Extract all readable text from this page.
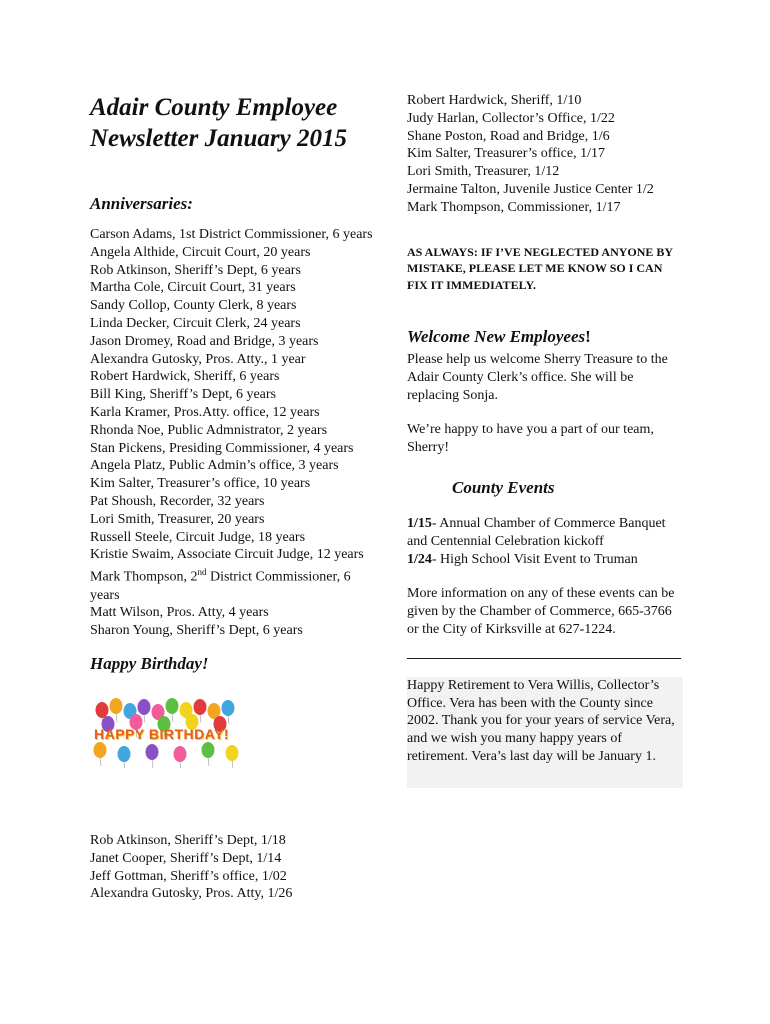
Adair County Employee Newsletter January 2015
Anniversaries:
Carson Adams, 1st District Commissioner, 6 years
Angela Althide, Circuit Court, 20 years
Rob Atkinson, Sheriff’s Dept, 6 years
Martha Cole, Circuit Court, 31 years
Sandy Collop, County Clerk, 8 years
Linda Decker, Circuit Clerk, 24 years
Jason Dromey, Road and Bridge, 3 years
Alexandra Gutosky, Pros. Atty., 1 year
Robert Hardwick, Sheriff, 6 years
Bill King, Sheriff’s Dept, 6 years
Karla Kramer, Pros.Atty. office, 12 years
Rhonda Noe, Public Admnistrator, 2 years
Stan Pickens, Presiding Commissioner, 4 years
Angela Platz, Public Admin’s office, 3 years
Kim Salter, Treasurer’s office, 10 years
Pat Shoush, Recorder, 32 years
Lori Smith, Treasurer, 20 years
Russell Steele, Circuit Judge, 18 years
Kristie Swaim, Associate Circuit Judge, 12 years
Mark Thompson, 2nd District Commissioner, 6 years
Matt Wilson, Pros. Atty, 4 years
Sharon Young, Sheriff’s Dept, 6 years
Happy Birthday!
HAPPY BIRTHDAY!
Rob Atkinson, Sheriff’s Dept, 1/18
Janet Cooper, Sheriff’s Dept, 1/14
Jeff Gottman, Sheriff’s office, 1/02
Alexandra Gutosky, Pros. Atty, 1/26
Robert Hardwick, Sheriff, 1/10
Judy Harlan, Collector’s Office, 1/22
Shane Poston, Road and Bridge, 1/6
Kim Salter, Treasurer’s office, 1/17
Lori Smith, Treasurer, 1/12
Jermaine Talton, Juvenile Justice Center 1/2
Mark Thompson, Commissioner, 1/17
AS ALWAYS: IF I’VE NEGLECTED ANYONE BY MISTAKE, PLEASE LET ME KNOW SO I CAN FIX IT IMMEDIATELY.
Welcome New Employees!

Please help us welcome Sherry Treasure to the Adair County Clerk’s office. She will be replacing Sonja.

We’re happy to have you a part of our team, Sherry!

County Events
1/15- Annual Chamber of Commerce Banquet and Centennial Celebration kickoff
1/24- High School Visit Event to Truman
More information on any of these events can be given by the Chamber of Commerce, 665-3766 or the City of Kirksville at 627-1224.
Happy Retirement to Vera Willis, Collector’s Office. Vera has been with the County since 2002. Thank you for your years of service Vera, and we wish you many happy years of retirement. Vera’s last day will be January 1.
